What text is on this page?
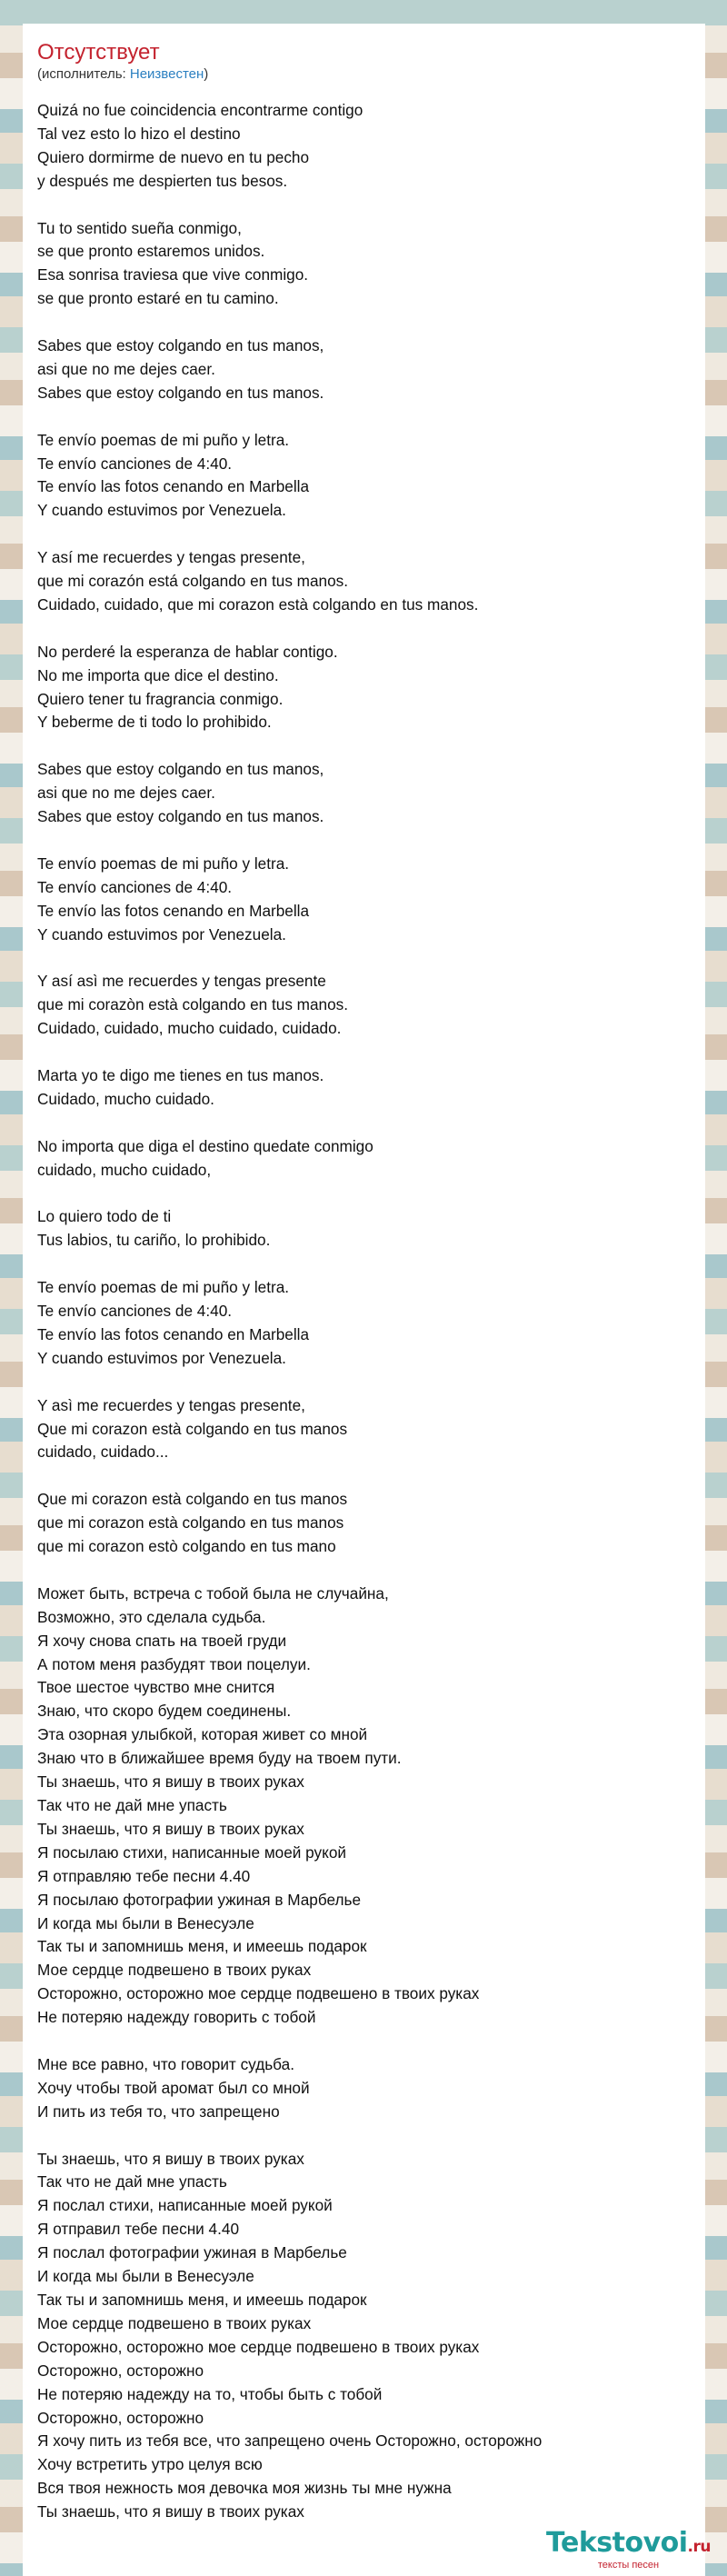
Отсутствует
(исполнитель: Неизвестен)
Quizá no fue coincidencia encontrarme contigo
Tal vez esto lo hizo el destino
Quiero dormirme de nuevo en tu pecho
y después me despierten tus besos.
Tu to sentido sueña conmigo,
se que pronto estaremos unidos.
Esa sonrisa traviesa que vive conmigo.
se que pronto estaré en tu camino.
Sabes que estoy colgando en tus manos,
asi que no me dejes caer.
Sabes que estoy colgando en tus manos.
Te envío poemas de mi puño y letra.
Te envío canciones de 4:40.
Te envío las fotos cenando en Marbella
Y cuando estuvimos por Venezuela.
Y así me recuerdes y tengas presente,
que mi corazón está colgando en tus manos.
Cuidado, cuidado, que mi corazon està colgando en tus manos.
No perderé la esperanza de hablar contigo.
No me importa que dice el destino.
Quiero tener tu fragrancia conmigo.
Y beberme de ti todo lo prohibido.
Sabes que estoy colgando en tus manos,
asi que no me dejes caer.
Sabes que estoy colgando en tus manos.
Te envío poemas de mi puño y letra.
Te envío canciones de 4:40.
Te envío las fotos cenando en Marbella
Y cuando estuvimos por Venezuela.
Y así asì me recuerdes y tengas presente
que mi corazòn està colgando en tus manos.
Cuidado, cuidado, mucho cuidado, cuidado.
Marta yo te digo me tienes en tus manos.
Cuidado, mucho cuidado.
No importa que diga el destino quedate conmigo
cuidado, mucho cuidado,
Lo quiero todo de ti
Tus labios, tu cariño, lo prohibido.
Te envío poemas de mi puño y letra.
Te envío canciones de 4:40.
Te envío las fotos cenando en Marbella
Y cuando estuvimos por Venezuela.
Y asì me recuerdes y tengas presente,
Que mi corazon està colgando en tus manos
cuidado, cuidado...
Que mi corazon està colgando en tus manos
que mi corazon està colgando en tus manos
que mi corazon estò colgando en tus mano
Может быть, встреча с тобой была не случайна,
Возможно, это сделала судьба.
Я хочу снова спать на твоей груди
А потом меня разбудят твои поцелуи.
Твое шестое чувство мне снится
Знаю, что скоро будем соединены.
Эта озорная улыбкой, которая живет со мной
Знаю что в ближайшее время буду на твоем пути.
Ты знаешь, что я вишу в твоих руках
Так что не дай мне упасть
Ты знаешь, что я вишу в твоих руках
Я посылаю стихи, написанные моей рукой
Я отправляю тебе песни 4.40
Я посылаю фотографии ужиная в Марбелье
И когда мы были в Венесуэле
Так ты и запомнишь меня, и имеешь подарок
Мое сердце подвешено в твоих руках
Осторожно, осторожно мое сердце подвешено в твоих руках
Не потеряю надежду говорить с тобой
Мне все равно, что говорит судьба.
Хочу чтобы твой аромат был со мной
И пить из тебя то, что запрещено
Ты знаешь, что я вишу в твоих руках
Так что не дай мне упасть
Я послал стихи, написанные моей рукой
Я отправил тебе песни 4.40
Я послал фотографии ужиная в Марбелье
И когда мы были в Венесуэле
Так ты и запомнишь меня, и имеешь подарок
Мое сердце подвешено в твоих руках
Осторожно, осторожно мое сердце подвешено в твоих руках
Осторожно, осторожно
Не потеряю надежду на то, чтобы быть с тобой
Осторожно, осторожно
Я хочу пить из тебя все, что запрещено очень Осторожно, осторожно
Хочу встретить утро целуя всю
Вся твоя нежность моя девочка моя жизнь ты мне нужна
Ты знаешь, что я вишу в твоих руках
Tekstovoi.ru
тексты песен
